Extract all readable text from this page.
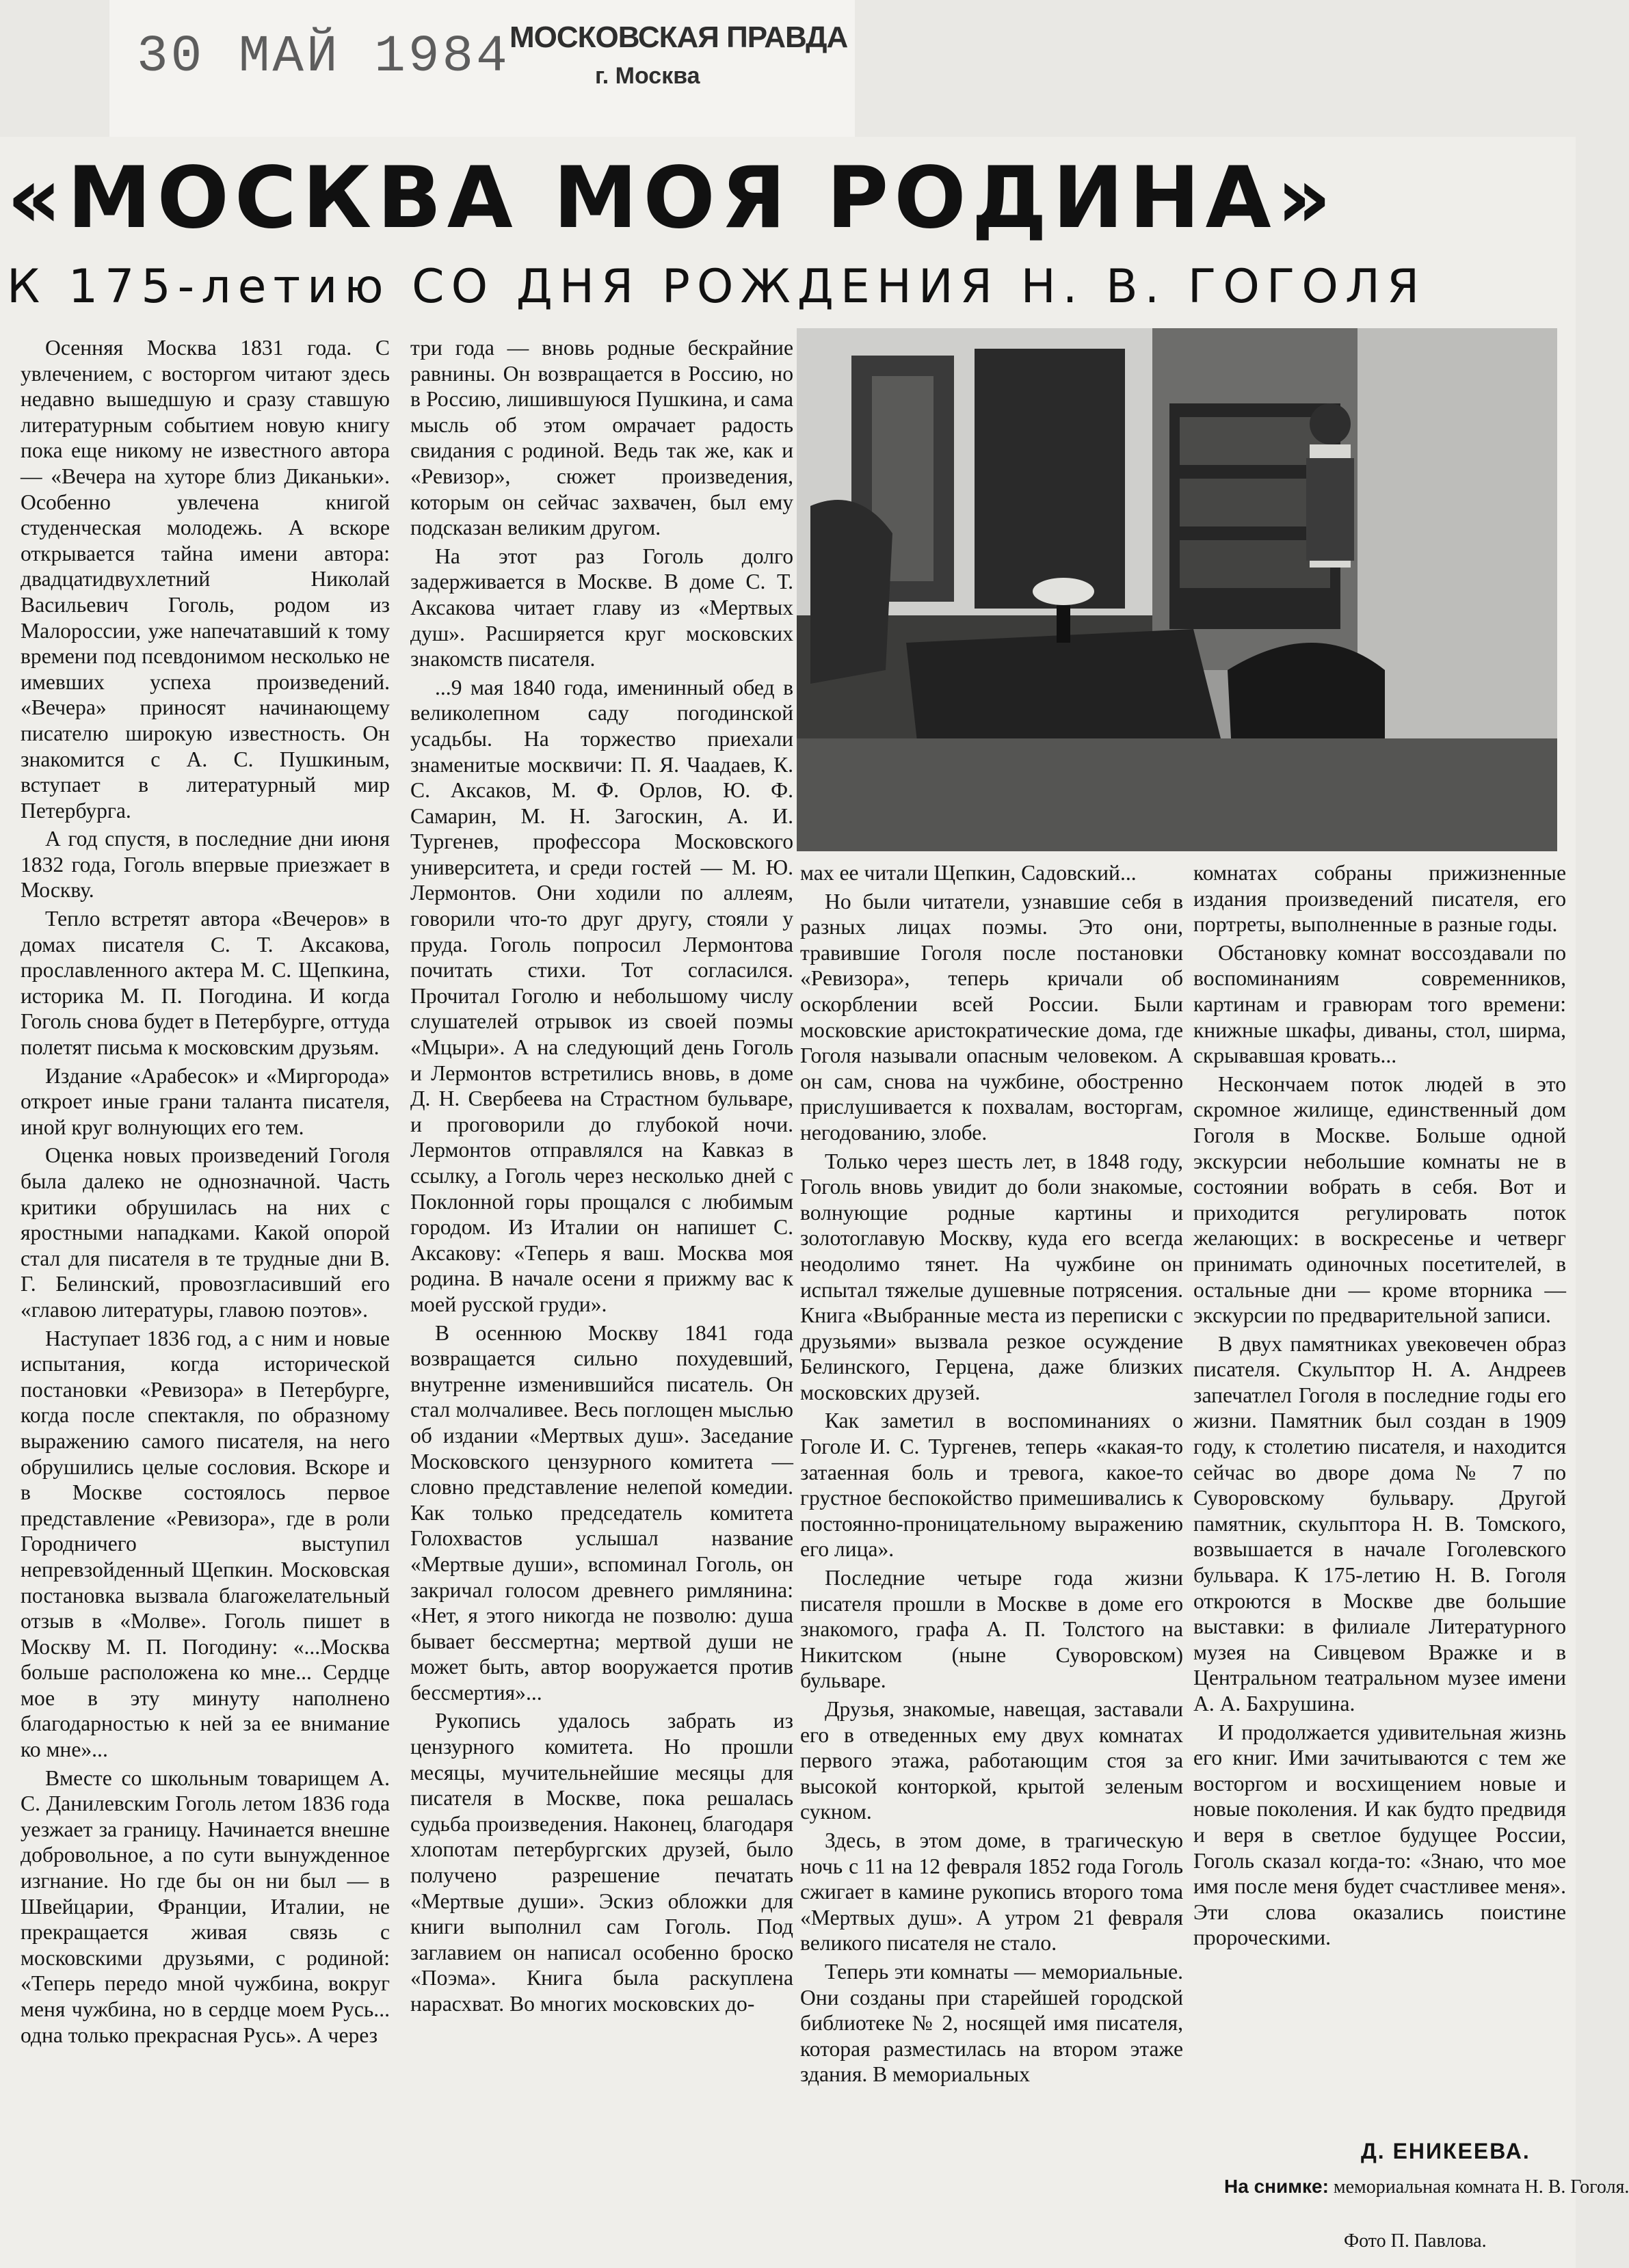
30 МАЙ 1984 МОСКОВСКАЯ ПРАВДА
г. Москва
«МОСКВА МОЯ РОДИНА»
К 175-летию СО ДНЯ РОЖДЕНИЯ Н. В. ГОГОЛЯ

Осенняя Москва 1831 года. С увлечением, с восторгом читают здесь недавно вышедшую и сразу ставшую литературным событием новую книгу пока еще никому не известного автора — «Вечера на хуторе близ Диканьки». Особенно увлечена книгой студенческая молодежь. А вскоре открывается тайна имени автора: двадцатидвухлетний Николай Васильевич Гоголь, родом из Малороссии, уже напечатавший к тому времени под псевдонимом несколько не имевших успеха произведений. «Вечера» приносят начинающему писателю широкую известность. Он знакомится с А. С. Пушкиным, вступает в литературный мир Петербурга.

А год спустя, в последние дни июня 1832 года, Гоголь впервые приезжает в Москву.

Тепло встретят автора «Вечеров» в домах писателя С. Т. Аксакова, прославленного актера М. С. Щепкина, историка М. П. Погодина. И когда Гоголь снова будет в Петербурге, оттуда полетят письма к московским друзьям.

Издание «Арабесок» и «Миргорода» откроет иные грани таланта писателя, иной круг волнующих его тем.

Оценка новых произведений Гоголя была далеко не однозначной. Часть критики обрушилась на них с яростными нападками. Какой опорой стал для писателя в те трудные дни В. Г. Белинский, провозгласивший его «главою литературы, главою поэтов».

Наступает 1836 год, а с ним и новые испытания, когда исторической постановки «Ревизора» в Петербурге, когда после спектакля, по образному выражению самого писателя, на него обрушились целые сословия. Вскоре и в Москве состоялось первое представление «Ревизора», где в роли Городничего выступил непревзойденный Щепкин. Московская постановка вызвала благожелательный отзыв в «Молве». Гоголь пишет в Москву М. П. Погодину: «...Москва больше расположена ко мне... Сердце мое в эту минуту наполнено благодарностью к ней за ее внимание ко мне»...

Вместе со школьным товарищем А. С. Данилевским Гоголь летом 1836 года уезжает за границу. Начинается внешне добровольное, а по сути вынужденное изгнание. Но где бы он ни был — в Швейцарии, Франции, Италии, не прекращается живая связь с московскими друзьями, с родиной: «Теперь передо мной чужбина, вокруг меня чужбина, но в сердце моем Русь... одна только прекрасная Русь». А через

три года — вновь родные бескрайние равнины. Он возвращается в Россию, но в Россию, лишившуюся Пушкина, и сама мысль об этом омрачает радость свидания с родиной. Ведь так же, как и «Ревизор», сюжет произведения, которым он сейчас захвачен, был ему подсказан великим другом.

На этот раз Гоголь долго задерживается в Москве. В доме С. Т. Аксакова читает главу из «Мертвых душ». Расширяется круг московских знакомств писателя.

...9 мая 1840 года, именинный обед в великолепном саду погодинской усадьбы. На торжество приехали знаменитые москвичи: П. Я. Чаадаев, К. С. Аксаков, М. Ф. Орлов, Ю. Ф. Самарин, М. Н. Загоскин, А. И. Тургенев, профессора Московского университета, и среди гостей — М. Ю. Лермонтов. Они ходили по аллеям, говорили что-то друг другу, стояли у пруда. Гоголь попросил Лермонтова почитать стихи. Тот согласился. Прочитал Гоголю и небольшому числу слушателей отрывок из своей поэмы «Мцыри». А на следующий день Гоголь и Лермонтов встретились вновь, в доме Д. Н. Свербеева на Страстном бульваре, и проговорили до глубокой ночи. Лермонтов отправлялся на Кавказ в ссылку, а Гоголь через несколько дней с Поклонной горы прощался с любимым городом. Из Италии он напишет С. Аксакову: «Теперь я ваш. Москва моя родина. В начале осени я прижму вас к моей русской груди».

В осеннюю Москву 1841 года возвращается сильно похудевший, внутренне изменившийся писатель. Он стал молчаливее. Весь поглощен мыслью об издании «Мертвых душ». Заседание Московского цензурного комитета — словно представление нелепой комедии. Как только председатель комитета Голохвастов услышал название «Мертвые души», вспоминал Гоголь, он закричал голосом древнего римлянина: «Нет, я этого никогда не позволю: душа бывает бессмертна; мертвой души не может быть, автор вооружается против бессмертия»...

Рукопись удалось забрать из цензурного комитета. Но прошли месяцы, мучительнейшие месяцы для писателя в Москве, пока решалась судьба произведения. Наконец, благодаря хлопотам петербургских друзей, было получено разрешение печатать «Мертвые души». Эскиз обложки для книги выполнил сам Гоголь. Под заглавием он написал особенно броско «Поэма». Книга была раскуплена нарасхват. Во многих московских до-

мах ее читали Щепкин, Садовский...

Но были читатели, узнавшие себя в разных лицах поэмы. Это они, травившие Гоголя после постановки «Ревизора», теперь кричали об оскорблении всей России. Были московские аристократические дома, где Гоголя называли опасным человеком. А он сам, снова на чужбине, обостренно прислушивается к похвалам, восторгам, негодованию, злобе.

Только через шесть лет, в 1848 году, Гоголь вновь увидит до боли знакомые, волнующие родные картины и золотоглавую Москву, куда его всегда неодолимо тянет. На чужбине он испытал тяжелые душевные потрясения. Книга «Выбранные места из переписки с друзьями» вызвала резкое осуждение Белинского, Герцена, даже близких московских друзей.

Как заметил в воспоминаниях о Гоголе И. С. Тургенев, теперь «какая-то затаенная боль и тревога, какое-то грустное беспокойство примешивались к постоянно-проницательному выражению его лица».

Последние четыре года жизни писателя прошли в Москве в доме его знакомого, графа А. П. Толстого на Никитском (ныне Суворовском) бульваре.

Друзья, знакомые, навещая, заставали его в отведенных ему двух комнатах первого этажа, работающим стоя за высокой конторкой, крытой зеленым сукном.

Здесь, в этом доме, в трагическую ночь с 11 на 12 февраля 1852 года Гоголь сжигает в камине рукопись второго тома «Мертвых душ». А утром 21 февраля великого писателя не стало.

Теперь эти комнаты — мемориальные. Они созданы при старейшей городской библиотеке № 2, носящей имя писателя, которая разместилась на втором этаже здания. В мемориальных

комнатах собраны прижизненные издания произведений писателя, его портреты, выполненные в разные годы.

Обстановку комнат воссоздавали по воспоминаниям современников, картинам и гравюрам того времени: книжные шкафы, диваны, стол, ширма, скрывавшая кровать...

Нескончаем поток людей в это скромное жилище, единственный дом Гоголя в Москве. Больше одной экскурсии небольшие комнаты не в состоянии вобрать в себя. Вот и приходится регулировать поток желающих: в воскресенье и четверг принимать одиночных посетителей, в остальные дни — кроме вторника — экскурсии по предварительной записи.

В двух памятниках увековечен образ писателя. Скульптор Н. А. Андреев запечатлел Гоголя в последние годы его жизни. Памятник был создан в 1909 году, к столетию писателя, и находится сейчас во дворе дома № 7 по Суворовскому бульвару. Другой памятник, скульптора Н. В. Томского, возвышается в начале Гоголевского бульвара. К 175-летию Н. В. Гоголя откроются в Москве две большие выставки: в филиале Литературного музея на Сивцевом Вражке и в Центральном театральном музее имени А. А. Бахрушина.

И продолжается удивительная жизнь его книг. Ими зачитываются с тем же восторгом и восхищением новые и новые поколения. И как будто предвидя и веря в светлое будущее России, Гоголь сказал когда-то: «Знаю, что мое имя после меня будет счастливее меня». Эти слова оказались поистине пророческими.

Д. ЕНИКЕЕВА.
На снимке: мемориальная комната Н. В. Гоголя.
Фото П. Павлова.
